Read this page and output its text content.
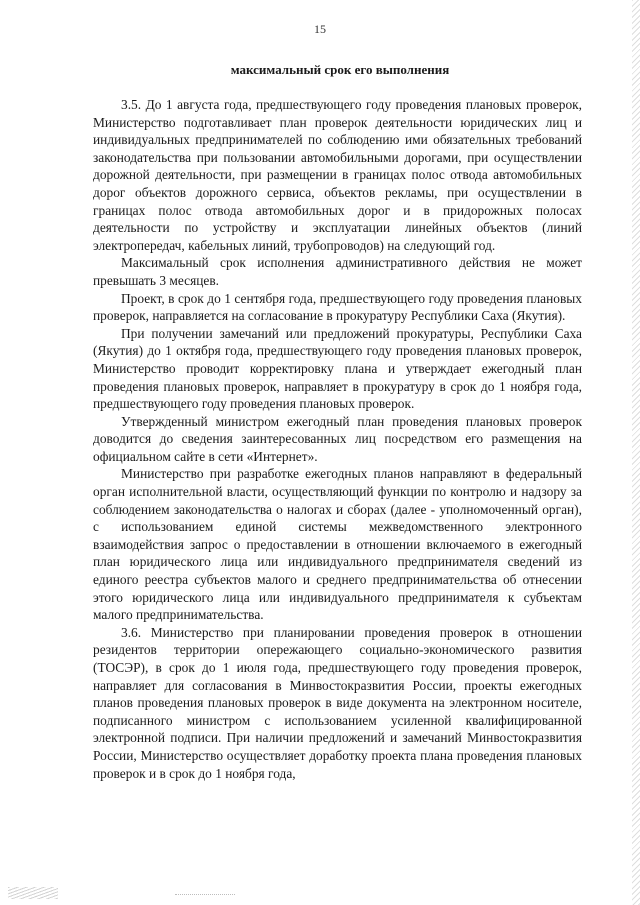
15
максимальный срок его выполнения

3.5. До 1 августа года, предшествующего году проведения плановых проверок, Министерство подготавливает план проверок деятельности юридических лиц и индивидуальных предпринимателей по соблюдению ими обязательных требований законодательства при пользовании автомобильными дорогами, при осуществлении дорожной деятельности, при размещении в границах полос отвода автомобильных дорог объектов дорожного сервиса, объектов рекламы, при осуществлении в границах полос отвода автомобильных дорог и в придорожных полосах деятельности по устройству и эксплуатации линейных объектов (линий электропередач, кабельных линий, трубопроводов) на следующий год.

Максимальный срок исполнения административного действия не может превышать 3 месяцев.

Проект, в срок до 1 сентября года, предшествующего году проведения плановых проверок, направляется на согласование в прокуратуру Республики Саха (Якутия).

При получении замечаний или предложений прокуратуры, Республики Саха (Якутия) до 1 октября года, предшествующего году проведения плановых проверок, Министерство проводит корректировку плана и утверждает ежегодный план проведения плановых проверок, направляет в прокуратуру в срок до 1 ноября года, предшествующего году проведения плановых проверок.

Утвержденный министром ежегодный план проведения плановых проверок доводится до сведения заинтересованных лиц посредством его размещения на официальном сайте в сети «Интернет».

Министерство при разработке ежегодных планов направляют в федеральный орган исполнительной власти, осуществляющий функции по контролю и надзору за соблюдением законодательства о налогах и сборах (далее - уполномоченный орган), с использованием единой системы межведомственного электронного взаимодействия запрос о предоставлении в отношении включаемого в ежегодный план юридического лица или индивидуального предпринимателя сведений из единого реестра субъектов малого и среднего предпринимательства об отнесении этого юридического лица или индивидуального предпринимателя к субъектам малого предпринимательства.

3.6. Министерство при планировании проведения проверок в отношении резидентов территории опережающего социально-экономического развития (ТОСЭР), в срок до 1 июля года, предшествующего году проведения проверок, направляет для согласования в Минвостокразвития России, проекты ежегодных планов проведения плановых проверок в виде документа на электронном носителе, подписанного министром с использованием усиленной квалифицированной электронной подписи. При наличии предложений и замечаний Минвостокразвития России, Министерство осуществляет доработку проекта плана проведения плановых проверок и в срок до 1 ноября года,
